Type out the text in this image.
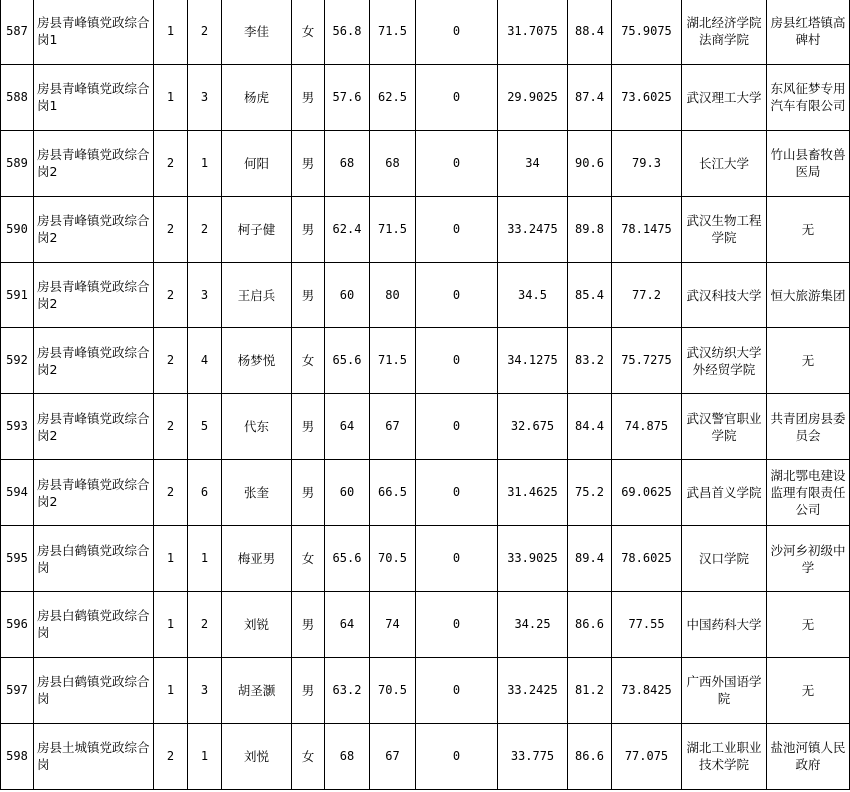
587	房县青峰镇党政综合岗1	1	2	李佳	女	56.8	71.5	0	31.7075	88.4	75.9075	湖北经济学院法商学院	房县红塔镇高碑村
588	房县青峰镇党政综合岗1	1	3	杨虎	男	57.6	62.5	0	29.9025	87.4	73.6025	武汉理工大学	东风征梦专用汽车有限公司
589	房县青峰镇党政综合岗2	2	1	何阳	男	68	68	0	34	90.6	79.3	长江大学	竹山县畜牧兽医局
590	房县青峰镇党政综合岗2	2	2	柯子健	男	62.4	71.5	0	33.2475	89.8	78.1475	武汉生物工程学院	无
591	房县青峰镇党政综合岗2	2	3	王启兵	男	60	80	0	34.5	85.4	77.2	武汉科技大学	恒大旅游集团
592	房县青峰镇党政综合岗2	2	4	杨梦悦	女	65.6	71.5	0	34.1275	83.2	75.7275	武汉纺织大学外经贸学院	无
593	房县青峰镇党政综合岗2	2	5	代东	男	64	67	0	32.675	84.4	74.875	武汉警官职业学院	共青团房县委员会
594	房县青峰镇党政综合岗2	2	6	张奎	男	60	66.5	0	31.4625	75.2	69.0625	武昌首义学院	湖北鄂电建设监理有限责任公司
595	房县白鹤镇党政综合岗	1	1	梅亚男	女	65.6	70.5	0	33.9025	89.4	78.6025	汉口学院	沙河乡初级中学
596	房县白鹤镇党政综合岗	1	2	刘锐	男	64	74	0	34.25	86.6	77.55	中国药科大学	无
597	房县白鹤镇党政综合岗	1	3	胡圣灏	男	63.2	70.5	0	33.2425	81.2	73.8425	广西外国语学院	无
598	房县土城镇党政综合岗	2	1	刘悦	女	68	67	0	33.775	86.6	77.075	湖北工业职业技术学院	盐池河镇人民政府
